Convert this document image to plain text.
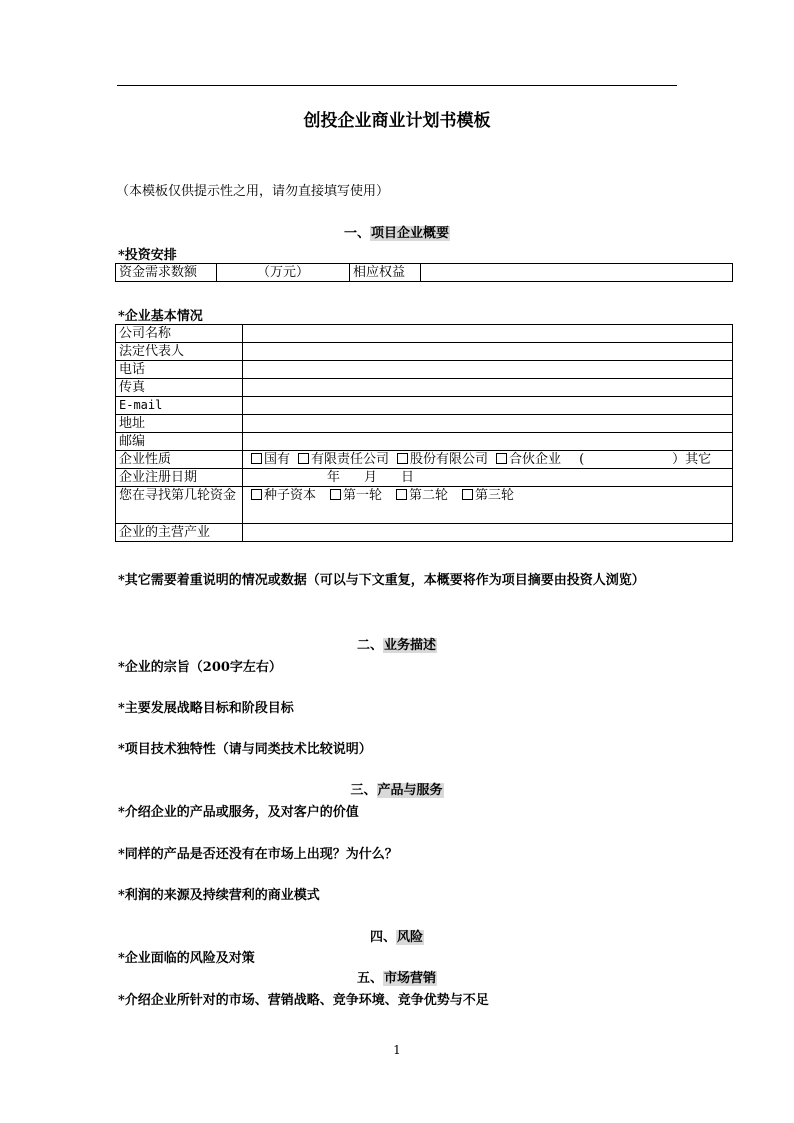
创投企业商业计划书模板
（本模板仅供提示性之用，请勿直接填写使用）
一、项目企业概要
*投资安排
资金需求数额	（万元）	相应权益	
*企业基本情况
公司名称	
法定代表人	
电话	
传真	
E-mail	
地址	
邮编	
企业性质	国有 有限责任公司 股份有限公司 合伙企业 ( ）其它
企业注册日期	年 月 日
您在寻找第几轮资金	种子资本 第一轮 第二轮 第三轮
企业的主营产业	
*其它需要着重说明的情况或数据（可以与下文重复，本概要将作为项目摘要由投资人浏览）
二、业务描述
*企业的宗旨（200字左右）
*主要发展战略目标和阶段目标
*项目技术独特性（请与同类技术比较说明）
三、产品与服务
*介绍企业的产品或服务，及对客户的价值
*同样的产品是否还没有在市场上出现？为什么？
*利润的来源及持续营利的商业模式
四、风险
*企业面临的风险及对策
五、市场营销
*介绍企业所针对的市场、营销战略、竞争环境、竞争优势与不足
1
